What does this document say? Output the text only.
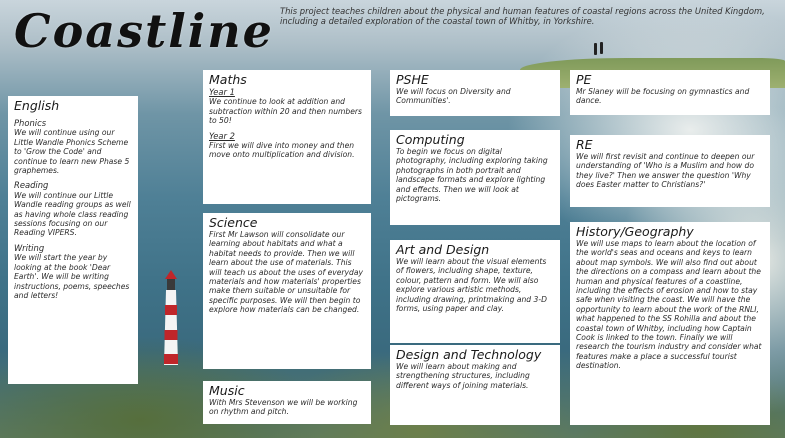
Coastline This project teaches children about the physical and human features of coastal regions across the United Kingdom, including a detailed exploration of the coastal town of Whitby, in Yorkshire.

English
Phonics

We will continue using our Little Wandle Phonics Scheme to 'Grow the Code' and continue to learn new Phase 5 graphemes.

Reading

We will continue our Little Wandle reading groups as well as having whole class reading sessions focusing on our Reading VIPERS.

Writing

We will start the year by looking at the book 'Dear Earth'. We will be writing instructions, poems, speeches and letters!

Maths
Year 1

We continue to look at addition and subtraction within 20 and then numbers to 50!

Year 2

First we will dive into money and then move onto multiplication and division.

Science

First Mr Lawson will consolidate our learning about habitats and what a habitat needs to provide. Then we will learn about the use of materials. This will teach us about the uses of everyday materials and how materials' properties make them suitable or unsuitable for specific purposes. We will then begin to explore how materials can be changed.

Music

With Mrs Stevenson we will be working on rhythm and pitch.

PSHE

We will focus on Diversity and Communities'.

Computing

To begin we focus on digital photography, including exploring taking photographs in both portrait and landscape formats and explore lighting and effects. Then we will look at pictograms.

Art and Design

We will learn about the visual elements of flowers, including shape, texture, colour, pattern and form. We will also explore various artistic methods, including drawing, printmaking and 3-D forms, using paper and clay.

Design and Technology

We will learn about making and strengthening structures, including different ways of joining materials.

PE

Mr Slaney will be focusing on gymnastics and dance.

RE

We will first revisit and continue to deepen our understanding of 'Who is a Muslim and how do they live?' Then we answer the question 'Why does Easter matter to Christians?'

History/Geography

We will use maps to learn about the location of the world's seas and oceans and keys to learn about map symbols. We will also find out about the directions on a compass and learn about the human and physical features of a coastline, including the effects of erosion and how to stay safe when visiting the coast. We will have the opportunity to learn about the work of the RNLI, what happened to the SS Rohilla and about the coastal town of Whitby, including how Captain Cook is linked to the town. Finally we will research the tourism industry and consider what features make a place a successful tourist destination.
